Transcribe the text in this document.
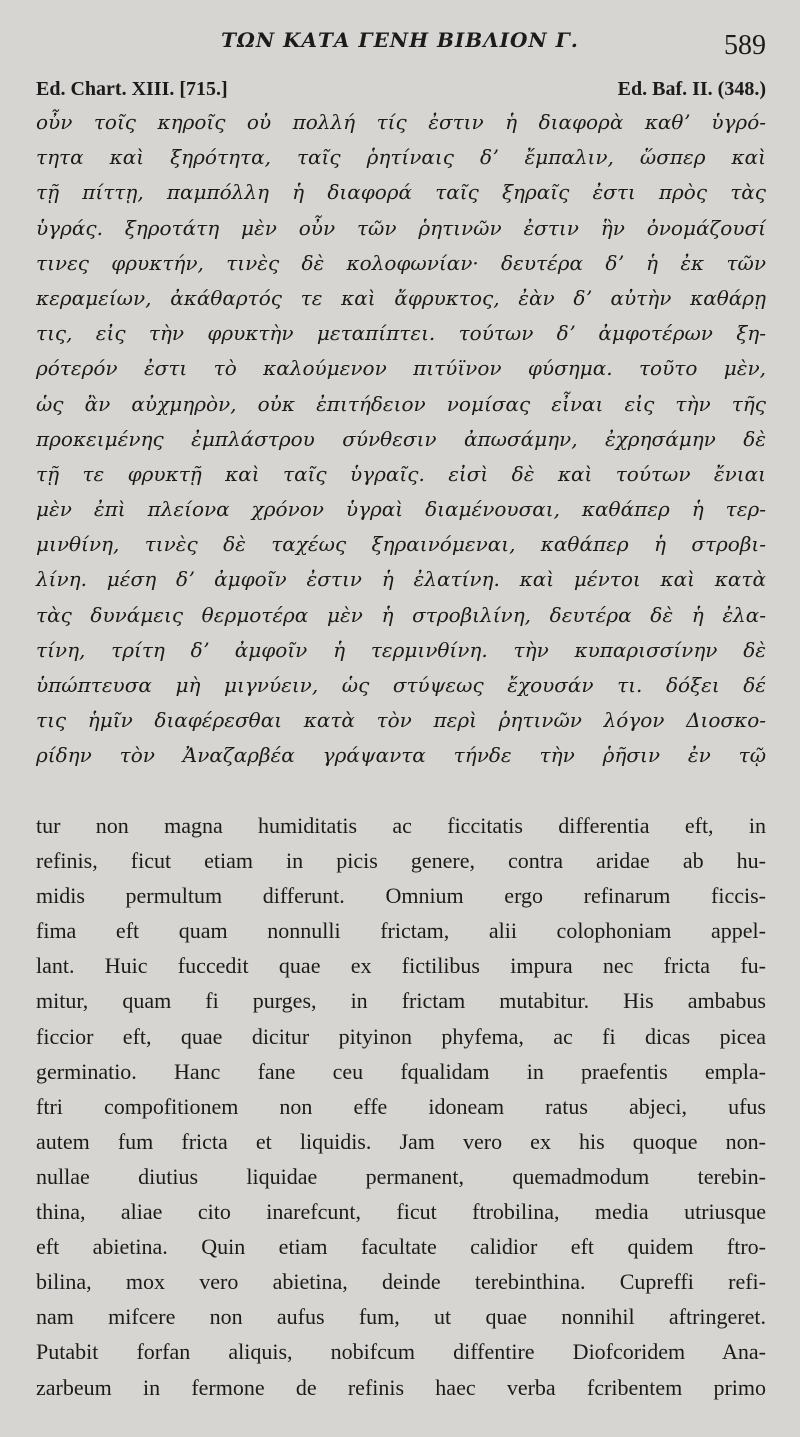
ΤΩΝ ΚΑΤΑ ΓΕΝΗ ΒΙΒΛΙΟΝ Γ.	589
Ed. Chart. XIII. [715.]	Ed. Baf. II. (348.)
οὖν τοῖς κηροῖς οὐ πολλή τίς ἐστιν ἡ διαφορὰ καθʼ ὑγρό-
τητα καὶ ξηρότητα, ταῖς ῥητίναις δʼ ἔμπαλιν, ὥσπερ καὶ
τῇ πίττῃ, παμπόλλη ἡ διαφορά ταῖς ξηραῖς ἐστι πρὸς τὰς
ὑγράς. ξηροτάτη μὲν οὖν τῶν ῥητινῶν ἐστιν ἣν ὀνομάζουσί
τινες φρυκτήν, τινὲς δὲ κολοφωνίαν· δευτέρα δʼ ἡ ἐκ τῶν
κεραμείων, ἀκάθαρτός τε καὶ ἄφρυκτος, ἐὰν δʼ αὐτὴν καθάρῃ
τις, εἰς τὴν φρυκτὴν μεταπίπτει. τούτων δʼ ἀμφοτέρων ξη-
ρότερόν ἐστι τὸ καλούμενον πιτύϊνον φύσημα. τοῦτο μὲν,
ὡς ἂν αὐχμηρὸν, οὐκ ἐπιτήδειον νομίσας εἶναι εἰς τὴν τῆς
προκειμένης ἐμπλάστρου σύνθεσιν ἀπωσάμην, ἐχρησάμην δὲ
τῇ τε φρυκτῇ καὶ ταῖς ὑγραῖς. εἰσὶ δὲ καὶ τούτων ἔνιαι
μὲν ἐπὶ πλείονα χρόνον ὑγραὶ διαμένουσαι, καθάπερ ἡ τερ-
μινθίνη, τινὲς δὲ ταχέως ξηραινόμεναι, καθάπερ ἡ στροβι-
λίνη. μέση δʼ ἀμφοῖν ἐστιν ἡ ἐλατίνη. καὶ μέντοι καὶ κατὰ
τὰς δυνάμεις θερμοτέρα μὲν ἡ στροβιλίνη, δευτέρα δὲ ἡ ἐλα-
τίνη, τρίτη δʼ ἀμφοῖν ἡ τερμινθίνη. τὴν κυπαρισσίνην δὲ
ὑπώπτευσα μὴ μιγνύειν, ὡς στύψεως ἔχουσάν τι. δόξει δέ
τις ἡμῖν διαφέρεσθαι κατὰ τὸν περὶ ῥητινῶν λόγον Διοσκο-
ρίδην τὸν Ἀναζαρβέα γράψαντα τήνδε τὴν ῥῆσιν ἐν τῷ
tur non magna humiditatis ac ficcitatis differentia eft, in
refinis, ficut etiam in picis genere, contra aridae ab hu-
midis permultum differunt. Omnium ergo refinarum ficcis-
fima eft quam nonnulli frictam, alii colophoniam appel-
lant. Huic fuccedit quae ex fictilibus impura nec fricta fu-
mitur, quam fi purges, in frictam mutabitur. His ambabus
ficcior eft, quae dicitur pityinon phyfema, ac fi dicas picea
germinatio. Hanc fane ceu fqualidam in praefentis empla-
ftri compofitionem non effe idoneam ratus abjeci, ufus
autem fum fricta et liquidis. Jam vero ex his quoque non-
nullae diutius liquidae permanent, quemadmodum terebin-
thina, aliae cito inarefcunt, ficut ftrobilina, media utriusque
eft abietina. Quin etiam facultate calidior eft quidem ftro-
bilina, mox vero abietina, deinde terebinthina. Cupreffi refi-
nam mifcere non aufus fum, ut quae nonnihil aftringeret.
Putabit forfan aliquis, nobifcum diffentire Diofcoridem Ana-
zarbeum in fermone de refinis haec verba fcribentem primo
